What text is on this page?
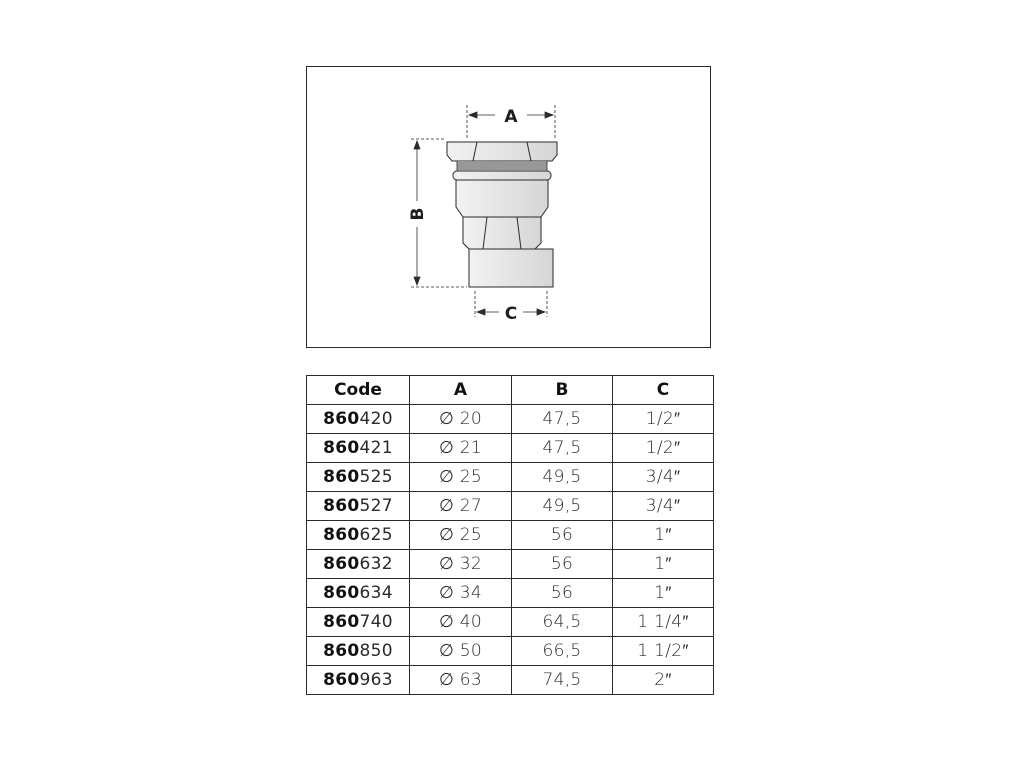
A
B
C
Code	A	B	C
860420	∅ 20	47,5	1/2″
860421	∅ 21	47,5	1/2″
860525	∅ 25	49,5	3/4″
860527	∅ 27	49,5	3/4″
860625	∅ 25	56	1″
860632	∅ 32	56	1″
860634	∅ 34	56	1″
860740	∅ 40	64,5	1 1/4″
860850	∅ 50	66,5	1 1/2″
860963	∅ 63	74,5	2″
